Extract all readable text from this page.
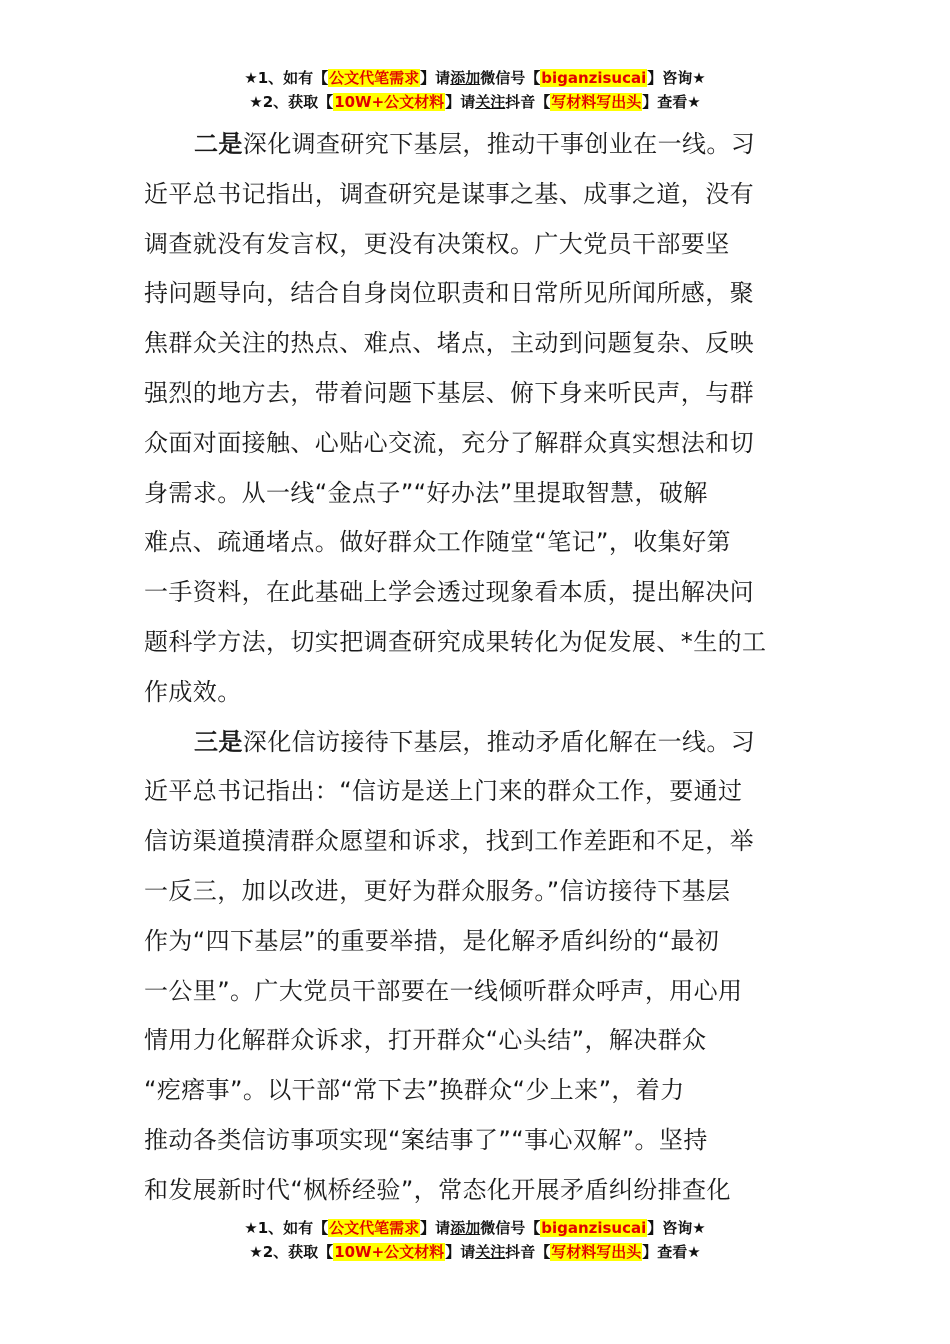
★1、如有【公文代笔需求】请添加微信号【biganzisucai】咨询★
★2、获取【10W+公文材料】请关注抖音【写材料写出头】查看★
二是深化调查研究下基层，推动干事创业在一线。习
近平总书记指出，调查研究是谋事之基、成事之道，没有
调查就没有发言权，更没有决策权。广大党员干部要坚
持问题导向，结合自身岗位职责和日常所见所闻所感，聚
焦群众关注的热点、难点、堵点，主动到问题复杂、反映
强烈的地方去，带着问题下基层、俯下身来听民声，与群
众面对面接触、心贴心交流，充分了解群众真实想法和切
身需求。从一线“金点子”“好办法”里提取智慧，破解
难点、疏通堵点。做好群众工作随堂“笔记”，收集好第
一手资料，在此基础上学会透过现象看本质，提出解决问
题科学方法，切实把调查研究成果转化为促发展、*生的工
作成效。
三是深化信访接待下基层，推动矛盾化解在一线。习
近平总书记指出：“信访是送上门来的群众工作，要通过
信访渠道摸清群众愿望和诉求，找到工作差距和不足，举
一反三，加以改进，更好为群众服务。”信访接待下基层
作为“四下基层”的重要举措，是化解矛盾纠纷的“最初
一公里”。广大党员干部要在一线倾听群众呼声，用心用
情用力化解群众诉求，打开群众“心头结”，解决群众
“疙瘩事”。以干部“常下去”换群众“少上来”，着力
推动各类信访事项实现“案结事了”“事心双解”。坚持
和发展新时代“枫桥经验”，常态化开展矛盾纠纷排查化
★1、如有【公文代笔需求】请添加微信号【biganzisucai】咨询★
★2、获取【10W+公文材料】请关注抖音【写材料写出头】查看★
